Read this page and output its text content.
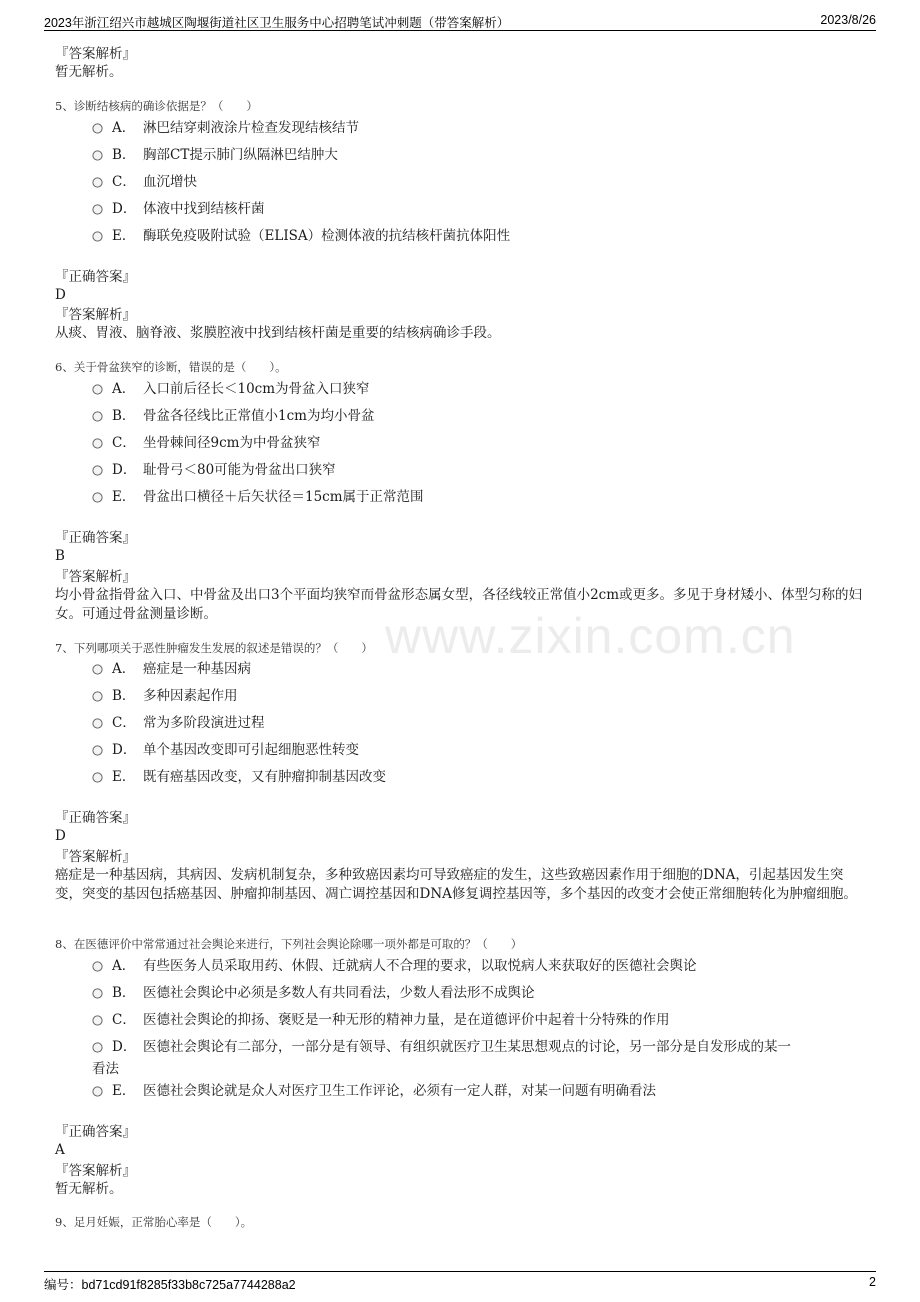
2023年浙江绍兴市越城区陶堰街道社区卫生服务中心招聘笔试冲刺题（带答案解析）	2023/8/26
www.zixin.com.cn
『答案解析』
暂无解析。
5、诊断结核病的确诊依据是？（　　）
A． 淋巴结穿刺液涂片检查发现结核结节
B． 胸部CT提示肺门纵隔淋巴结肿大
C． 血沉增快
D． 体液中找到结核杆菌
E． 酶联免疫吸附试验（ELISA）检测体液的抗结核杆菌抗体阳性
『正确答案』
D
『答案解析』
从痰、胃液、脑脊液、浆膜腔液中找到结核杆菌是重要的结核病确诊手段。
6、关于骨盆狭窄的诊断，错误的是（　　）。
A． 入口前后径长＜10cm为骨盆入口狭窄
B． 骨盆各径线比正常值小1cm为均小骨盆
C． 坐骨棘间径9cm为中骨盆狭窄
D． 耻骨弓＜80可能为骨盆出口狭窄
E． 骨盆出口横径＋后矢状径＝15cm属于正常范围
『正确答案』
B
『答案解析』
均小骨盆指骨盆入口、中骨盆及出口3个平面均狭窄而骨盆形态属女型，各径线较正常值小2cm或更多。多见于身材矮小、体型匀称的妇女。可通过骨盆测量诊断。
7、下列哪项关于恶性肿瘤发生发展的叙述是错误的？（　　）
A． 癌症是一种基因病
B． 多种因素起作用
C． 常为多阶段演进过程
D． 单个基因改变即可引起细胞恶性转变
E． 既有癌基因改变，又有肿瘤抑制基因改变
『正确答案』
D
『答案解析』
癌症是一种基因病，其病因、发病机制复杂，多种致癌因素均可导致癌症的发生，这些致癌因素作用于细胞的DNA，引起基因发生突变，突变的基因包括癌基因、肿瘤抑制基因、凋亡调控基因和DNA修复调控基因等，多个基因的改变才会使正常细胞转化为肿瘤细胞。
8、在医德评价中常常通过社会舆论来进行，下列社会舆论除哪一项外都是可取的？（　　）
A． 有些医务人员采取用药、休假、迁就病人不合理的要求，以取悦病人来获取好的医德社会舆论
B． 医德社会舆论中必须是多数人有共同看法，少数人看法形不成舆论
C． 医德社会舆论的抑扬、褒贬是一种无形的精神力量，是在道德评价中起着十分特殊的作用
D． 医德社会舆论有二部分，一部分是有领导、有组织就医疗卫生某思想观点的讨论，另一部分是自发形成的某一
看法
E． 医德社会舆论就是众人对医疗卫生工作评论，必须有一定人群，对某一问题有明确看法
『正确答案』
A
『答案解析』
暂无解析。
9、足月妊娠，正常胎心率是（　　）。
编号：bd71cd91f8285f33b8c725a7744288a2	2
